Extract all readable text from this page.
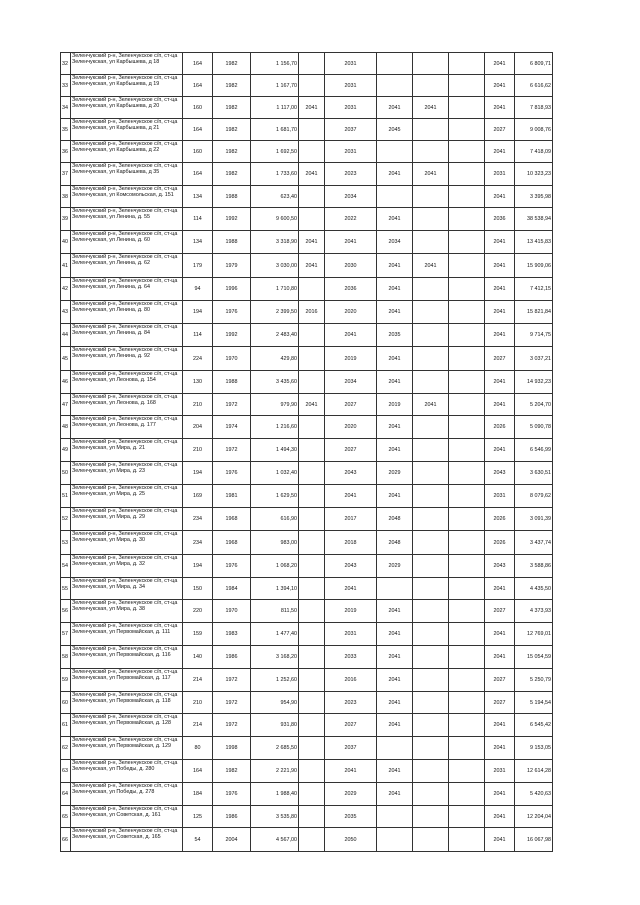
32	Зеленчукский р-н, Зеленчукское с/п, ст-ца Зеленчукская, ул Карбышева, д 18	164	1982	1 156,70		2031				2041	6 809,71
33	Зеленчукский р-н, Зеленчукское с/п, ст-ца Зеленчукская, ул Карбышева, д 19	164	1982	1 167,70		2031				2041	6 616,62
34	Зеленчукский р-н, Зеленчукское с/п, ст-ца Зеленчукская, ул Карбышева, д 20	160	1982	1 117,00	2041	2031	2041	2041		2041	7 818,93
35	Зеленчукский р-н, Зеленчукское с/п, ст-ца Зеленчукская, ул Карбышева, д 21	164	1982	1 681,70		2037	2045			2027	9 008,76
36	Зеленчукский р-н, Зеленчукское с/п, ст-ца Зеленчукская, ул Карбышева, д 22	160	1982	1 692,50		2031				2041	7 418,09
37	Зеленчукский р-н, Зеленчукское с/п, ст-ца Зеленчукская, ул Карбышева, д 35	164	1982	1 733,60	2041	2023	2041	2041		2031	10 323,23
38	Зеленчукский р-н, Зеленчукское с/п, ст-ца Зеленчукская, ул Комсомольская, д. 151	134	1988	623,40		2034				2041	3 395,98
39	Зеленчукский р-н, Зеленчукское с/п, ст-ца Зеленчукская, ул Ленина, д. 55	114	1992	9 600,50		2022	2041			2036	38 538,94
40	Зеленчукский р-н, Зеленчукское с/п, ст-ца Зеленчукская, ул Ленина, д. 60	134	1988	3 318,90	2041	2041	2034			2041	13 415,83
41	Зеленчукский р-н, Зеленчукское с/п, ст-ца Зеленчукская, ул Ленина, д. 62	179	1979	3 030,00	2041	2030	2041	2041		2041	15 909,06
42	Зеленчукский р-н, Зеленчукское с/п, ст-ца Зеленчукская, ул Ленина, д. 64	94	1996	1 710,80		2036	2041			2041	7 412,15
43	Зеленчукский р-н, Зеленчукское с/п, ст-ца Зеленчукская, ул Ленина, д. 80	194	1976	2 399,50	2016	2020	2041			2041	15 821,84
44	Зеленчукский р-н, Зеленчукское с/п, ст-ца Зеленчукская, ул Ленина, д. 84	114	1992	2 483,40		2041	2035			2041	9 714,75
45	Зеленчукский р-н, Зеленчукское с/п, ст-ца Зеленчукская, ул Ленина, д. 92	224	1970	429,80		2019	2041			2027	3 037,21
46	Зеленчукский р-н, Зеленчукское с/п, ст-ца Зеленчукская, ул Леонова, д. 154	130	1988	3 435,60		2034	2041			2041	14 932,23
47	Зеленчукский р-н, Зеленчукское с/п, ст-ца Зеленчукская, ул Леонова, д. 168	210	1972	979,90	2041	2027	2019	2041		2041	5 204,70
48	Зеленчукский р-н, Зеленчукское с/п, ст-ца Зеленчукская, ул Леонова, д. 177	204	1974	1 216,60		2020	2041			2026	5 090,78
49	Зеленчукский р-н, Зеленчукское с/п, ст-ца Зеленчукская, ул Мира, д. 21	210	1972	1 494,30		2027	2041			2041	6 546,99
50	Зеленчукский р-н, Зеленчукское с/п, ст-ца Зеленчукская, ул Мира, д. 23	194	1976	1 032,40		2043	2029			2043	3 630,51
51	Зеленчукский р-н, Зеленчукское с/п, ст-ца Зеленчукская, ул Мира, д. 25	169	1981	1 629,50		2041	2041			2031	8 079,62
52	Зеленчукский р-н, Зеленчукское с/п, ст-ца Зеленчукская, ул Мира, д. 29	234	1968	616,90		2017	2048			2026	3 091,39
53	Зеленчукский р-н, Зеленчукское с/п, ст-ца Зеленчукская, ул Мира, д. 30	234	1968	983,00		2018	2048			2026	3 437,74
54	Зеленчукский р-н, Зеленчукское с/п, ст-ца Зеленчукская, ул Мира, д. 32	194	1976	1 068,20		2043	2029			2043	3 588,86
55	Зеленчукский р-н, Зеленчукское с/п, ст-ца Зеленчукская, ул Мира, д. 34	150	1984	1 394,10		2041				2041	4 435,50
56	Зеленчукский р-н, Зеленчукское с/п, ст-ца Зеленчукская, ул Мира, д. 38	220	1970	811,50		2019	2041			2027	4 373,93
57	Зеленчукский р-н, Зеленчукское с/п, ст-ца Зеленчукская, ул Первомайская, д. 111	159	1983	1 477,40		2031	2041			2041	12 769,01
58	Зеленчукский р-н, Зеленчукское с/п, ст-ца Зеленчукская, ул Первомайская, д. 116	140	1986	3 168,20		2033	2041			2041	15 054,59
59	Зеленчукский р-н, Зеленчукское с/п, ст-ца Зеленчукская, ул Первомайская, д. 117	214	1972	1 252,60		2016	2041			2027	5 250,79
60	Зеленчукский р-н, Зеленчукское с/п, ст-ца Зеленчукская, ул Первомайская, д. 118	210	1972	954,90		2023	2041			2027	5 194,54
61	Зеленчукский р-н, Зеленчукское с/п, ст-ца Зеленчукская, ул Первомайская, д. 128	214	1972	931,80		2027	2041			2041	6 545,42
62	Зеленчукский р-н, Зеленчукское с/п, ст-ца Зеленчукская, ул Первомайская, д. 129	80	1998	2 685,50		2037				2041	9 153,05
63	Зеленчукский р-н, Зеленчукское с/п, ст-ца Зеленчукская, ул Победы, д. 280	164	1982	2 221,90		2041	2041			2031	12 614,28
64	Зеленчукский р-н, Зеленчукское с/п, ст-ца Зеленчукская, ул Победы, д. 278	184	1976	1 988,40		2029	2041			2041	5 420,63
65	Зеленчукский р-н, Зеленчукское с/п, ст-ца Зеленчукская, ул Советская, д. 161	125	1986	3 535,80		2035				2041	12 204,04
66	Зеленчукский р-н, Зеленчукское с/п, ст-ца Зеленчукская, ул Советская, д. 165	54	2004	4 567,00		2050				2041	16 067,98
